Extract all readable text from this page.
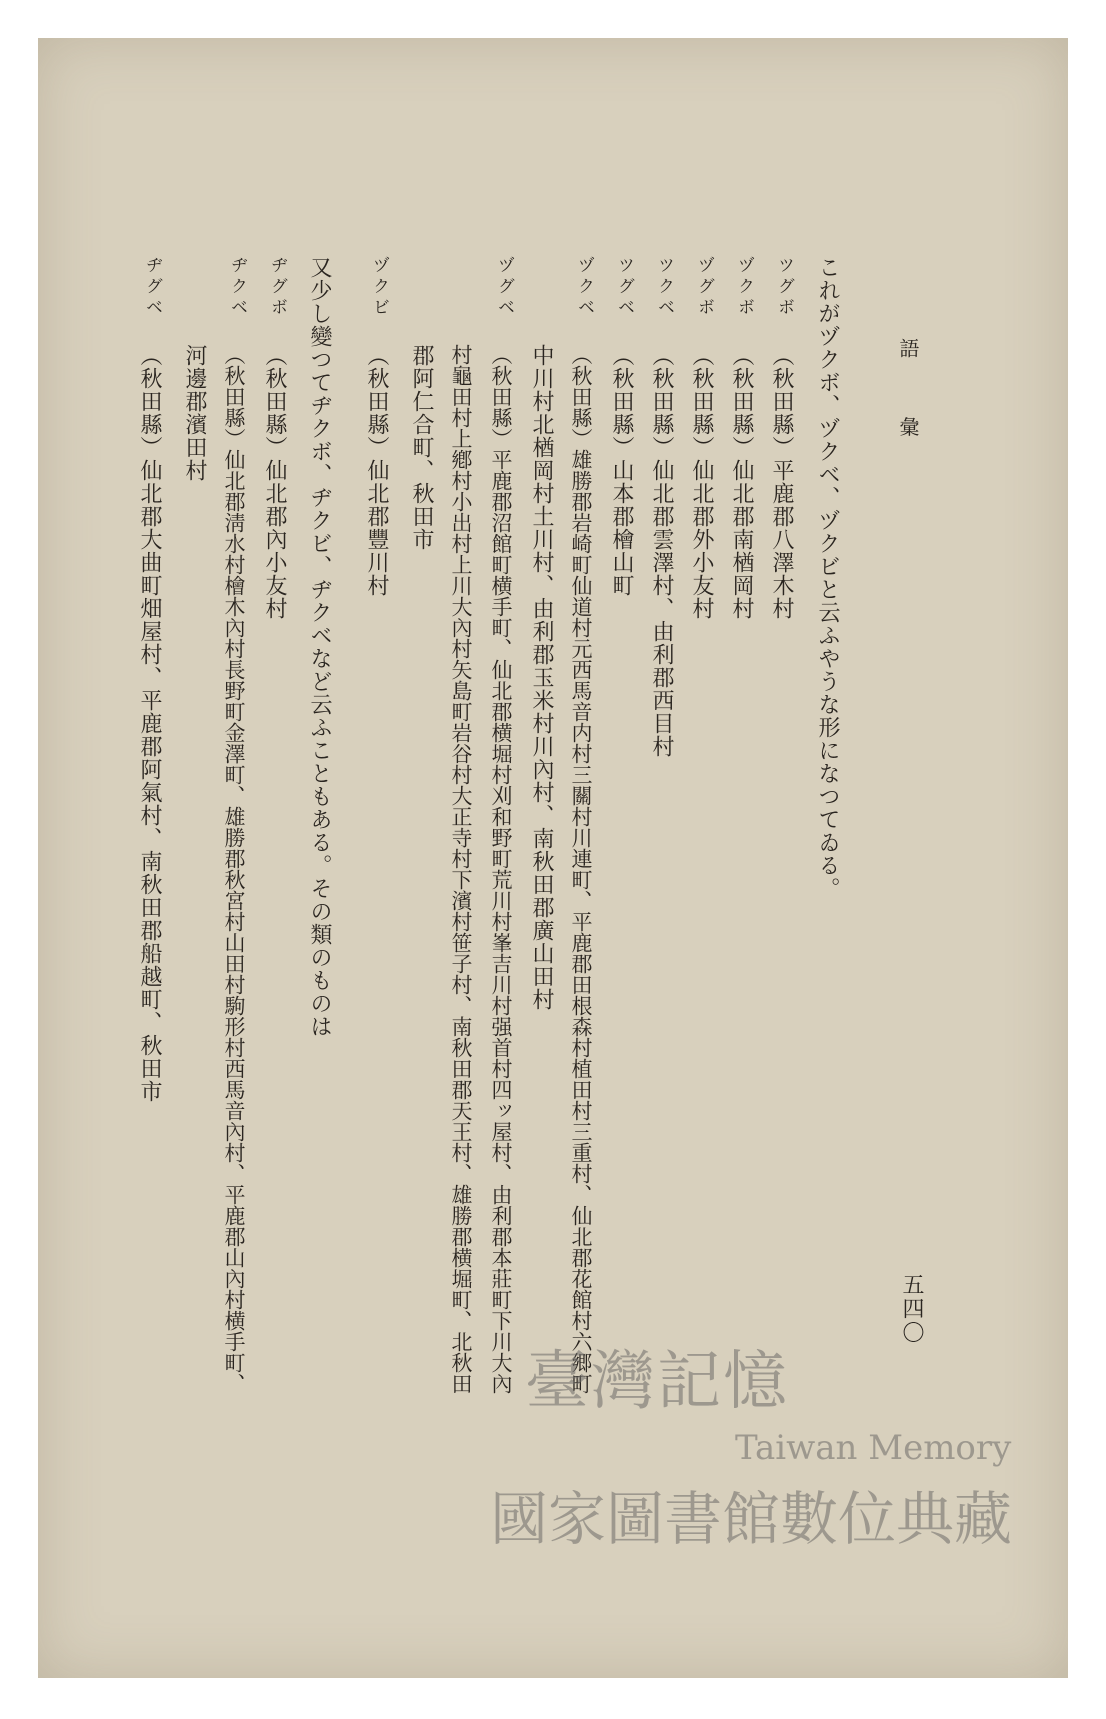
語 彙
五四〇
これがヅクボ、ヅクベ、ヅクビと云ふやうな形になつてゐる。
ツグボ
（秋田縣）平鹿郡八澤木村
ヅクボ
（秋田縣）仙北郡南楢岡村
ヅグボ
（秋田縣）仙北郡外小友村
ツクベ
（秋田縣）仙北郡雲澤村、由利郡西目村
ツグベ
（秋田縣）山本郡檜山町
ヅクベ
（秋田縣）雄勝郡岩崎町仙道村元西馬音内村三關村川連町、平鹿郡田根森村植田村三重村、仙北郡花館村六郷町
中川村北楢岡村土川村、由利郡玉米村川內村、南秋田郡廣山田村
ヅグベ
（秋田縣）平鹿郡沼館町横手町、仙北郡横堀村刈和野町荒川村峯吉川村强首村四ッ屋村、由利郡本莊町下川大內
村龜田村上鄕村小出村上川大內村矢島町岩谷村大正寺村下濱村笹子村、南秋田郡天王村、雄勝郡横堀町、北秋田
郡阿仁合町、秋田市
ヅクビ
（秋田縣）仙北郡豐川村
又少し變つてヂクボ、ヂクビ、ヂクベなど云ふこともある。その類のものは
ヂグボ
（秋田縣）仙北郡內小友村
ヂクベ
（秋田縣）仙北郡淸水村檜木內村長野町金澤町、雄勝郡秋宮村山田村駒形村西馬音內村、平鹿郡山內村横手町、
河邊郡濱田村
ヂグベ
（秋田縣）仙北郡大曲町畑屋村、平鹿郡阿氣村、南秋田郡船越町、秋田市
臺灣記憶
Taiwan Memory
國家圖書館數位典藏
